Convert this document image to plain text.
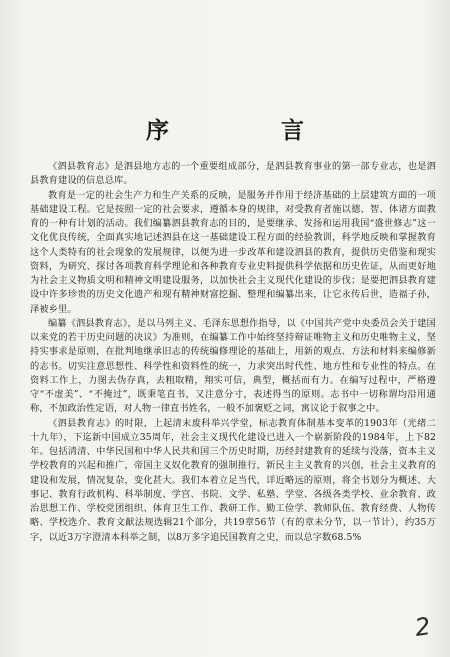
序 言

《泗县教育志》是泗县地方志的一个重要组成部分，是泗县教育事业的第一部专业志，也是泗县教育建设的信息总库。

教育是一定的社会生产力和生产关系的反映，是服务并作用于经济基础的上层建筑方面的一项基础建设工程。它是按照一定的社会要求，遵循本身的规律，对受教育者施以德、智、体诸方面教育的一种有计划的活动。我们编纂泗县教育志的目的，是要继承、发扬和运用我国“盛世修志”这一文化优良传统，全面真实地记述泗县在这一基础建设工程方面的经验教训，科学地反映和掌握教育这个人类特有的社会现象的发展规律，以便为进一步改革和建设泗县的教育，提供历史借鉴和现实资料，为研究、探讨各项教育科学理论和各种教育专业史料提供科学依据和历史佐证，从而更好地为社会主义物质文明和精神文明建设服务，以加快社会主义现代化建设的步伐；是要把泗县教育建设中许多珍贵的历史文化遗产和现有精神财富挖掘、整理和编纂出来，让它永传后世，造福子孙，泽被乡里。

编纂《泗县教育志》，是以马列主义、毛泽东思想作指导，以《中国共产党中央委员会关于建国以来党的若干历史问题的决议》为准则，在编纂工作中始终坚持辩证唯物主义和历史唯物主义，坚持实事求是原则，在批判地继承旧志的传统编修理论的基础上，用新的观点、方法和材料来编修新的志书。切实注意思想性、科学性和资料性的统一，力求突出时代性、地方性和专业性的特点。在资料工作上，力图去伪存真，去粗取精，翔实可信，典型，概括而有力。在编写过程中，严格遵守“不虚美”、“不掩过”，既秉笔直书，又注意分寸，表述得当的原则。志书中一切称谓均沿用通称，不加政治性定语，对人物一律直书姓名，一般不加褒贬之词，寓议论于叙事之中。

《泗县教育志》的时限，上起清末废科举兴学堂，标志教育体制基本变革的1903年（光绪二十九年），下迄新中国成立35周年，社会主义现代化建设已进入一个崭新阶段的1984年，上下82年。包括清清、中华民国和中华人民共和国三个历史时期，历经封建教育的延续与没落，资本主义学校教育的兴起和推广，帝国主义奴化教育的强制推行，新民主主义教育的兴创，社会主义教育的建设和发展，情况复杂，变化甚大。我们本着立足当代，详近略远的原则，将全书划分为概述、大事记、教育行政机构、科举制度、学宫、书院、文学、私塾、学堂、各级各类学校、业余教育、政治思想工作、学校党团组织、体育卫生工作、教研工作、勤工俭学、教师队伍、教育经费、人物传略、学校选介、教育文献法规选辑21个部分，共19章56节（有的章未分节，以一节计），约35万字，以近3万字澄清本科举之制，以8万多字追民国教育之史，而以总字数68.5%

2
